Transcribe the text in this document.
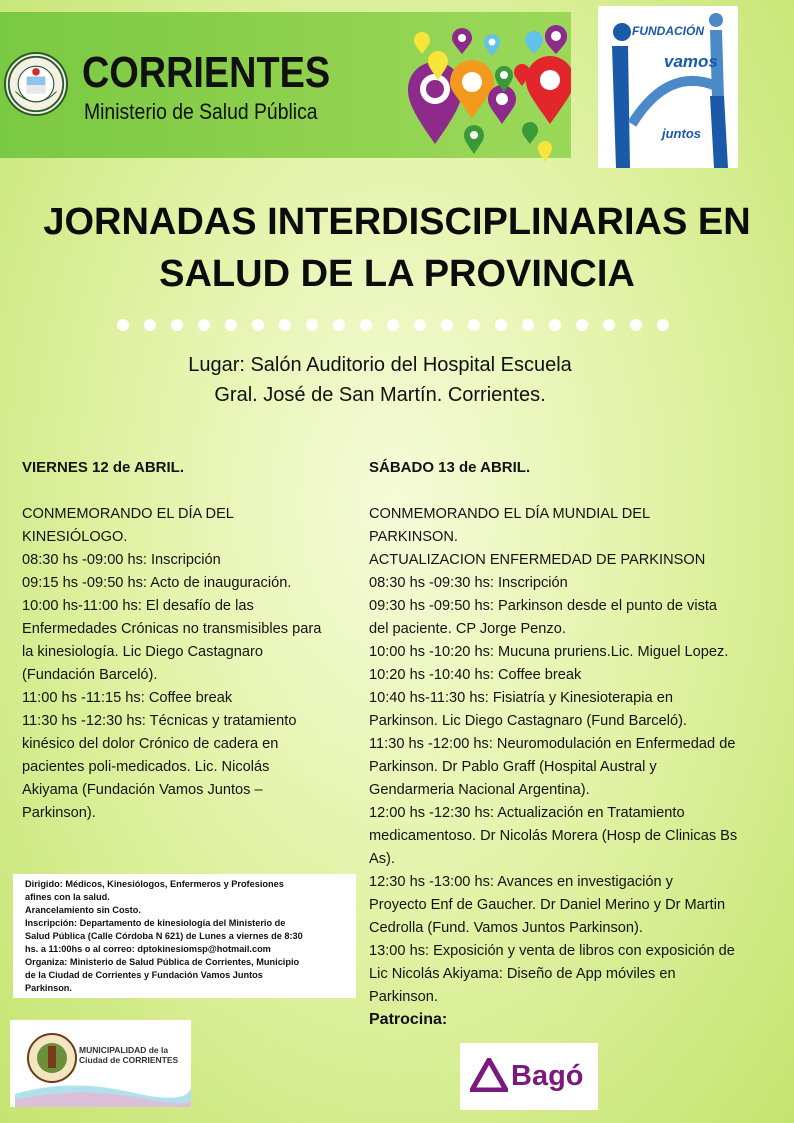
CORRIENTES
Ministerio de Salud Pública
FUNDACIÓN
vamos
juntos
JORNADAS INTERDISCIPLINARIAS EN
SALUD DE LA PROVINCIA
Lugar: Salón Auditorio del Hospital Escuela
Gral. José de San Martín. Corrientes.

VIERNES 12 de ABRIL.

CONMEMORANDO EL DÍA DEL

KINESIÓLOGO.

08:30 hs -09:00 hs: Inscripción

09:15 hs -09:50 hs: Acto de inauguración.

10:00 hs-11:00 hs: El desafío de las

Enfermedades Crónicas no transmisibles para

la kinesiología. Lic Diego Castagnaro

(Fundación Barceló).

11:00 hs -11:15 hs: Coffee break

11:30 hs -12:30 hs: Técnicas y tratamiento

kinésico del dolor Crónico de cadera en

pacientes poli-medicados. Lic. Nicolás

Akiyama (Fundación Vamos Juntos –

Parkinson).

SÁBADO 13 de ABRIL.

CONMEMORANDO EL DÍA MUNDIAL DEL

PARKINSON.

ACTUALIZACION ENFERMEDAD DE PARKINSON

08:30 hs -09:30 hs: Inscripción

09:30 hs -09:50 hs: Parkinson desde el punto de vista

del paciente. CP Jorge Penzo.

10:00 hs -10:20 hs: Mucuna pruriens.Lic. Miguel Lopez.

10:20 hs -10:40 hs: Coffee break

10:40 hs-11:30 hs: Fisiatría y Kinesioterapia en

Parkinson. Lic Diego Castagnaro (Fund Barceló).

11:30 hs -12:00 hs: Neuromodulación en Enfermedad de

Parkinson. Dr Pablo Graff (Hospital Austral y

Gendarmeria Nacional Argentina).

12:00 hs -12:30 hs: Actualización en Tratamiento

medicamentoso. Dr Nicolás Morera (Hosp de Clinicas Bs

As).

12:30 hs -13:00 hs: Avances en investigación y

Proyecto Enf de Gaucher. Dr Daniel Merino y Dr Martin

Cedrolla (Fund. Vamos Juntos Parkinson).

13:00 hs: Exposición y venta de libros con exposición de

Lic Nicolás Akiyama: Diseño de App móviles en

Parkinson.

Dirigido: Médicos, Kinesiólogos, Enfermeros y Profesiones

afines con la salud.

Arancelamiento sin Costo.

Inscripción: Departamento de kinesiología del Ministerio de

Salud Pública (Calle Córdoba N 621) de Lunes a viernes de 8:30

hs. a 11:00hs o al correo: dptokinesiomsp@hotmail.com

Organiza: Ministerio de Salud Pública de Corrientes, Municipio

de la Ciudad de Corrientes y Fundación Vamos Juntos

Parkinson.

MUNICIPALIDAD de la
Ciudad de CORRIENTES
Patrocina:
Bagó
